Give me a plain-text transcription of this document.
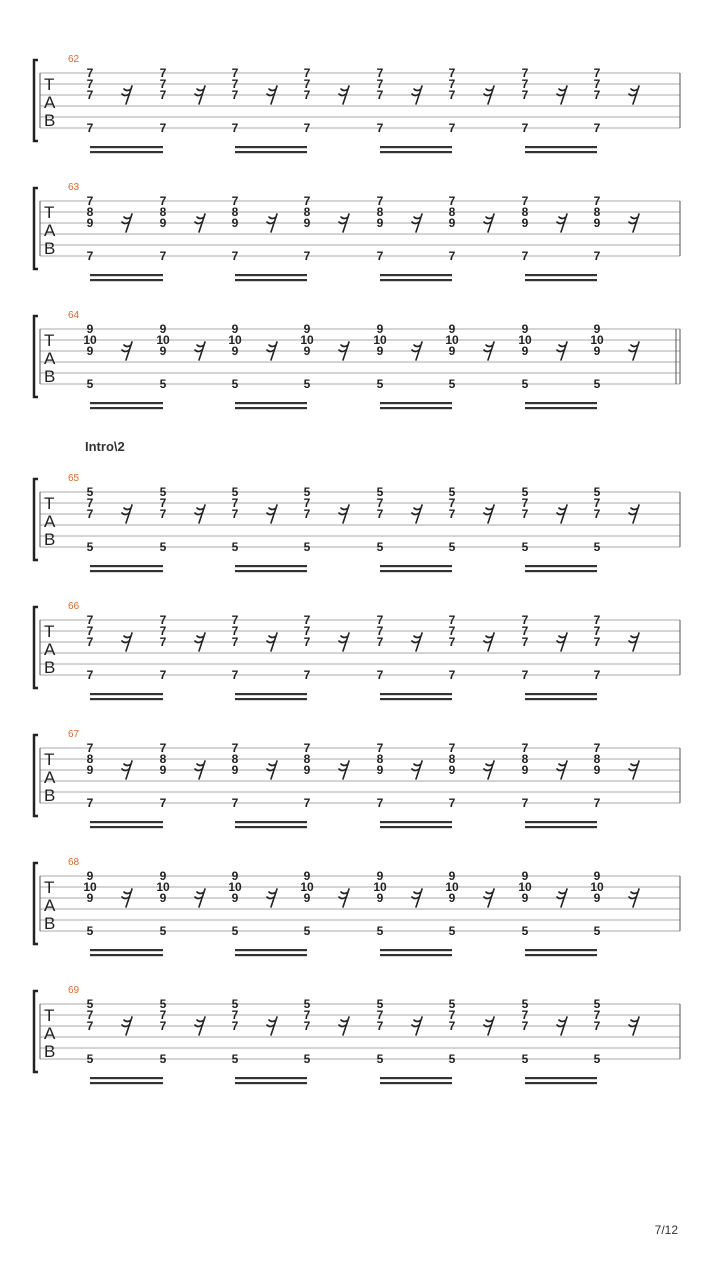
T
A
B
62
7
7
7
7
7
7
7
7
7
7
7
7
7
7
7
7
7
7
7
7
7
7
7
7
7	7	7	7	7	7	7	7
T
A
B
63
7
8
9
7
8
9
7
8
9
7
8
9
7
8
9
7
8
9
7
8
9
7
8
9
7	7	7	7	7	7	7	7
T
A
B
64
9
10
9
9
10
9
9
10
9
9
10
9
9
10
9
9
10
9
9
10
9
9
10
9
5	5	5	5	5	5	5	5
T
A
B
65
5
7
7
5
7
7
5
7
7
5
7
7
5
7
7
5
7
7
5
7
7
5
7
7
5	5	5	5	5	5	5	5
T
A
B
66
7
7
7
7
7
7
7
7
7
7
7
7
7
7
7
7
7
7
7
7
7
7
7
7
7	7	7	7	7	7	7	7
T
A
B
67
7
8
9
7
8
9
7
8
9
7
8
9
7
8
9
7
8
9
7
8
9
7
8
9
7	7	7	7	7	7	7	7
T
A
B
68
9
10
9
9
10
9
9
10
9
9
10
9
9
10
9
9
10
9
9
10
9
9
10
9
5	5	5	5	5	5	5	5
T
A
B
69
5
7
7
5
7
7
5
7
7
5
7
7
5
7
7
5
7
7
5
7
7
5
7
7
5	5	5	5	5	5	5	5
Intro\2
7/12
